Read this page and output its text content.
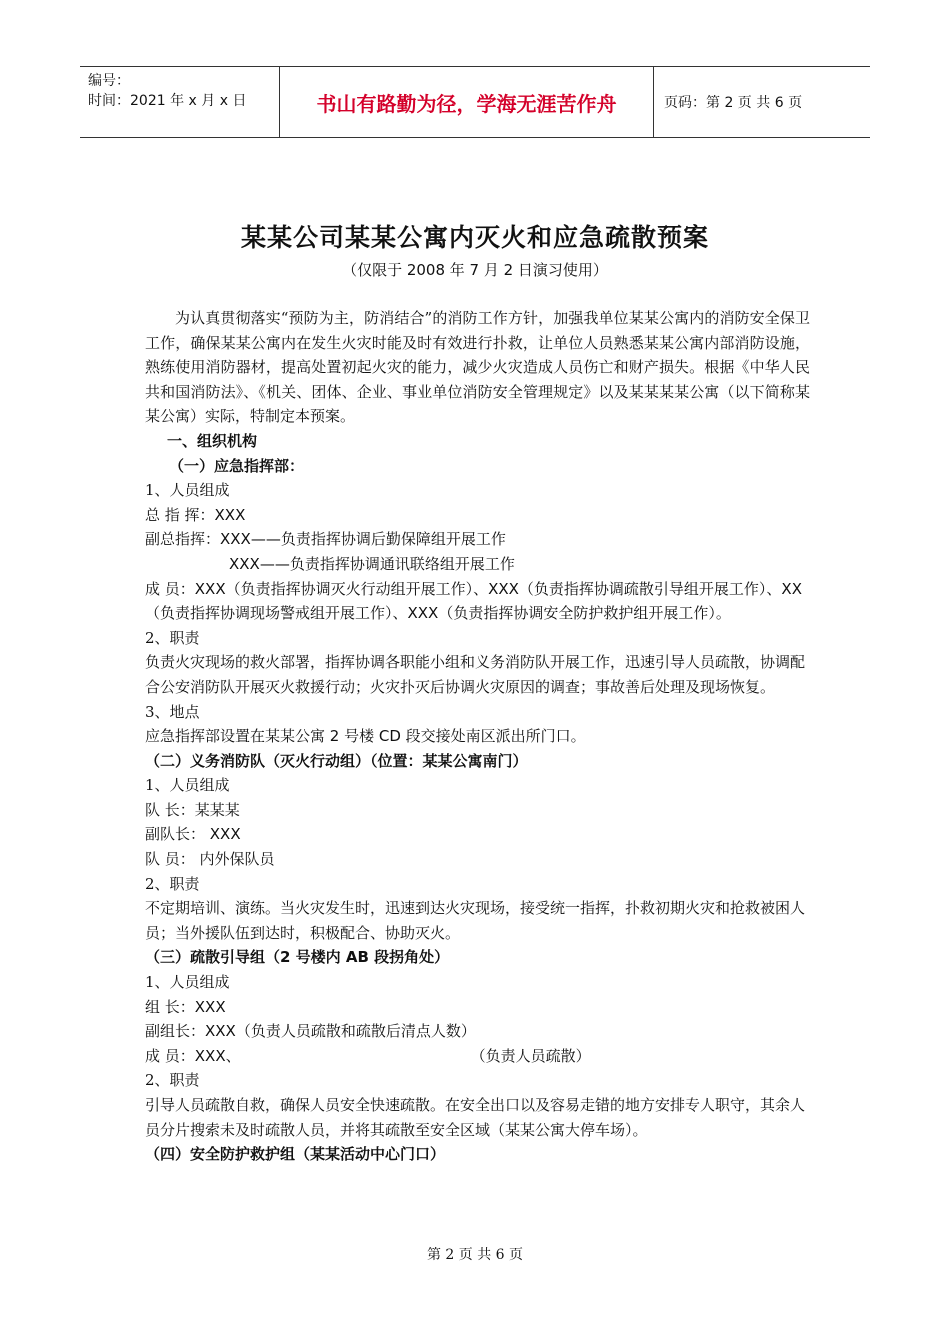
编号：
时间：2021 年 x 月 x 日	书山有路勤为径，学海无涯苦作舟	页码：第 2 页 共 6 页
某某公司某某公寓内灭火和应急疏散预案
（仅限于 2008 年 7 月 2 日演习使用）

为认真贯彻落实“预防为主，防消结合”的消防工作方针，加强我单位某某公寓内的消防安全保卫工作，确保某某公寓内在发生火灾时能及时有效进行扑救，让单位人员熟悉某某公寓内部消防设施，熟练使用消防器材，提高处置初起火灾的能力，减少火灾造成人员伤亡和财产损失。根据《中华人民共和国消防法》、《机关、团体、企业、事业单位消防安全管理规定》以及某某某某公寓（以下简称某某公寓）实际，特制定本预案。

一、组织机构

（一）应急指挥部：

1、人员组成

总 指 挥：XXX

副总指挥：XXX——负责指挥协调后勤保障组开展工作

XXX——负责指挥协调通讯联络组开展工作

成 员：XXX（负责指挥协调灭火行动组开展工作）、XXX（负责指挥协调疏散引导组开展工作）、XX（负责指挥协调现场警戒组开展工作）、XXX（负责指挥协调安全防护救护组开展工作）。

2、职责

负责火灾现场的救火部署，指挥协调各职能小组和义务消防队开展工作，迅速引导人员疏散，协调配合公安消防队开展灭火救援行动；火灾扑灭后协调火灾原因的调查；事故善后处理及现场恢复。

3、地点

应急指挥部设置在某某公寓 2 号楼 CD 段交接处南区派出所门口。

（二）义务消防队（灭火行动组）（位置：某某公寓南门）

1、人员组成

队 长：某某某

副队长： XXX

队 员： 内外保队员

2、职责

不定期培训、演练。当火灾发生时，迅速到达火灾现场，接受统一指挥，扑救初期火灾和抢救被困人员；当外援队伍到达时，积极配合、协助灭火。

（三）疏散引导组（2 号楼内 AB 段拐角处）

1、人员组成

组 长：XXX

副组长：XXX（负责人员疏散和疏散后清点人数）

成 员：XXX、	（负责人员疏散）

2、职责

引导人员疏散自救，确保人员安全快速疏散。在安全出口以及容易走错的地方安排专人职守，其余人员分片搜索未及时疏散人员，并将其疏散至安全区域（某某公寓大停车场）。

（四）安全防护救护组（某某活动中心门口）

第 2 页 共 6 页
